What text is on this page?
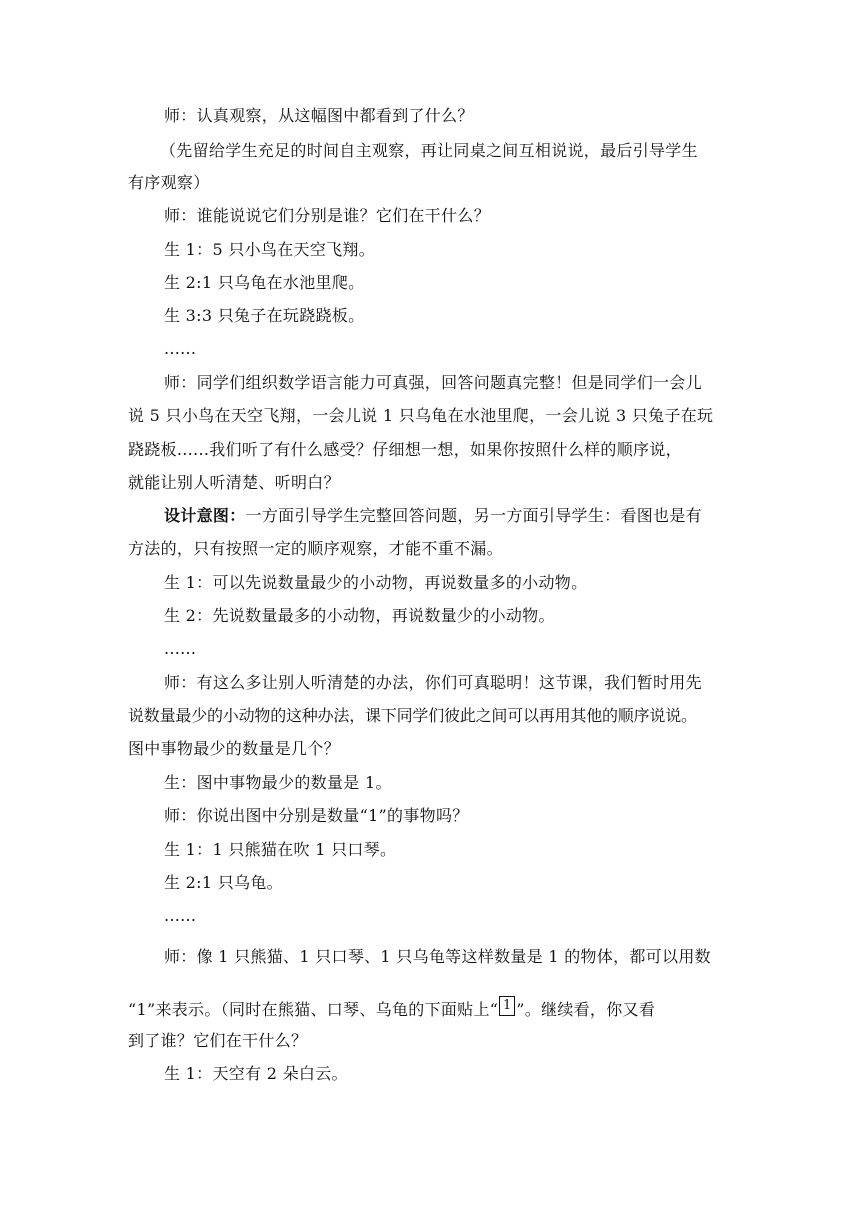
师：认真观察，从这幅图中都看到了什么？
（先留给学生充足的时间自主观察，再让同桌之间互相说说，最后引导学生
有序观察）
师：谁能说说它们分别是谁？它们在干什么？
生 1：5 只小鸟在天空飞翔。
生 2:1 只乌龟在水池里爬。
生 3:3 只兔子在玩跷跷板。
......
师：同学们组织数学语言能力可真强，回答问题真完整！但是同学们一会儿
说 5 只小鸟在天空飞翔，一会儿说 1 只乌龟在水池里爬，一会儿说 3 只兔子在玩
跷跷板......我们听了有什么感受？仔细想一想，如果你按照什么样的顺序说，
就能让别人听清楚、听明白？
设计意图：一方面引导学生完整回答问题，另一方面引导学生：看图也是有
方法的，只有按照一定的顺序观察，才能不重不漏。
生 1：可以先说数量最少的小动物，再说数量多的小动物。
生 2：先说数量最多的小动物，再说数量少的小动物。
......
师：有这么多让别人听清楚的办法，你们可真聪明！这节课，我们暂时用先
说数量最少的小动物的这种办法，课下同学们彼此之间可以再用其他的顺序说说。
图中事物最少的数量是几个？
生：图中事物最少的数量是 1。
师：你说出图中分别是数量“1”的事物吗？
生 1：1 只熊猫在吹 1 只口琴。
生 2:1 只乌龟。
......
师：像 1 只熊猫、1 只口琴、1 只乌龟等这样数量是 1 的物体，都可以用数
“1”来表示。（同时在熊猫、口琴、乌龟的下面贴上“ 1 ”。继续看，你又看
到了谁？它们在干什么？
生 1：天空有 2 朵白云。
